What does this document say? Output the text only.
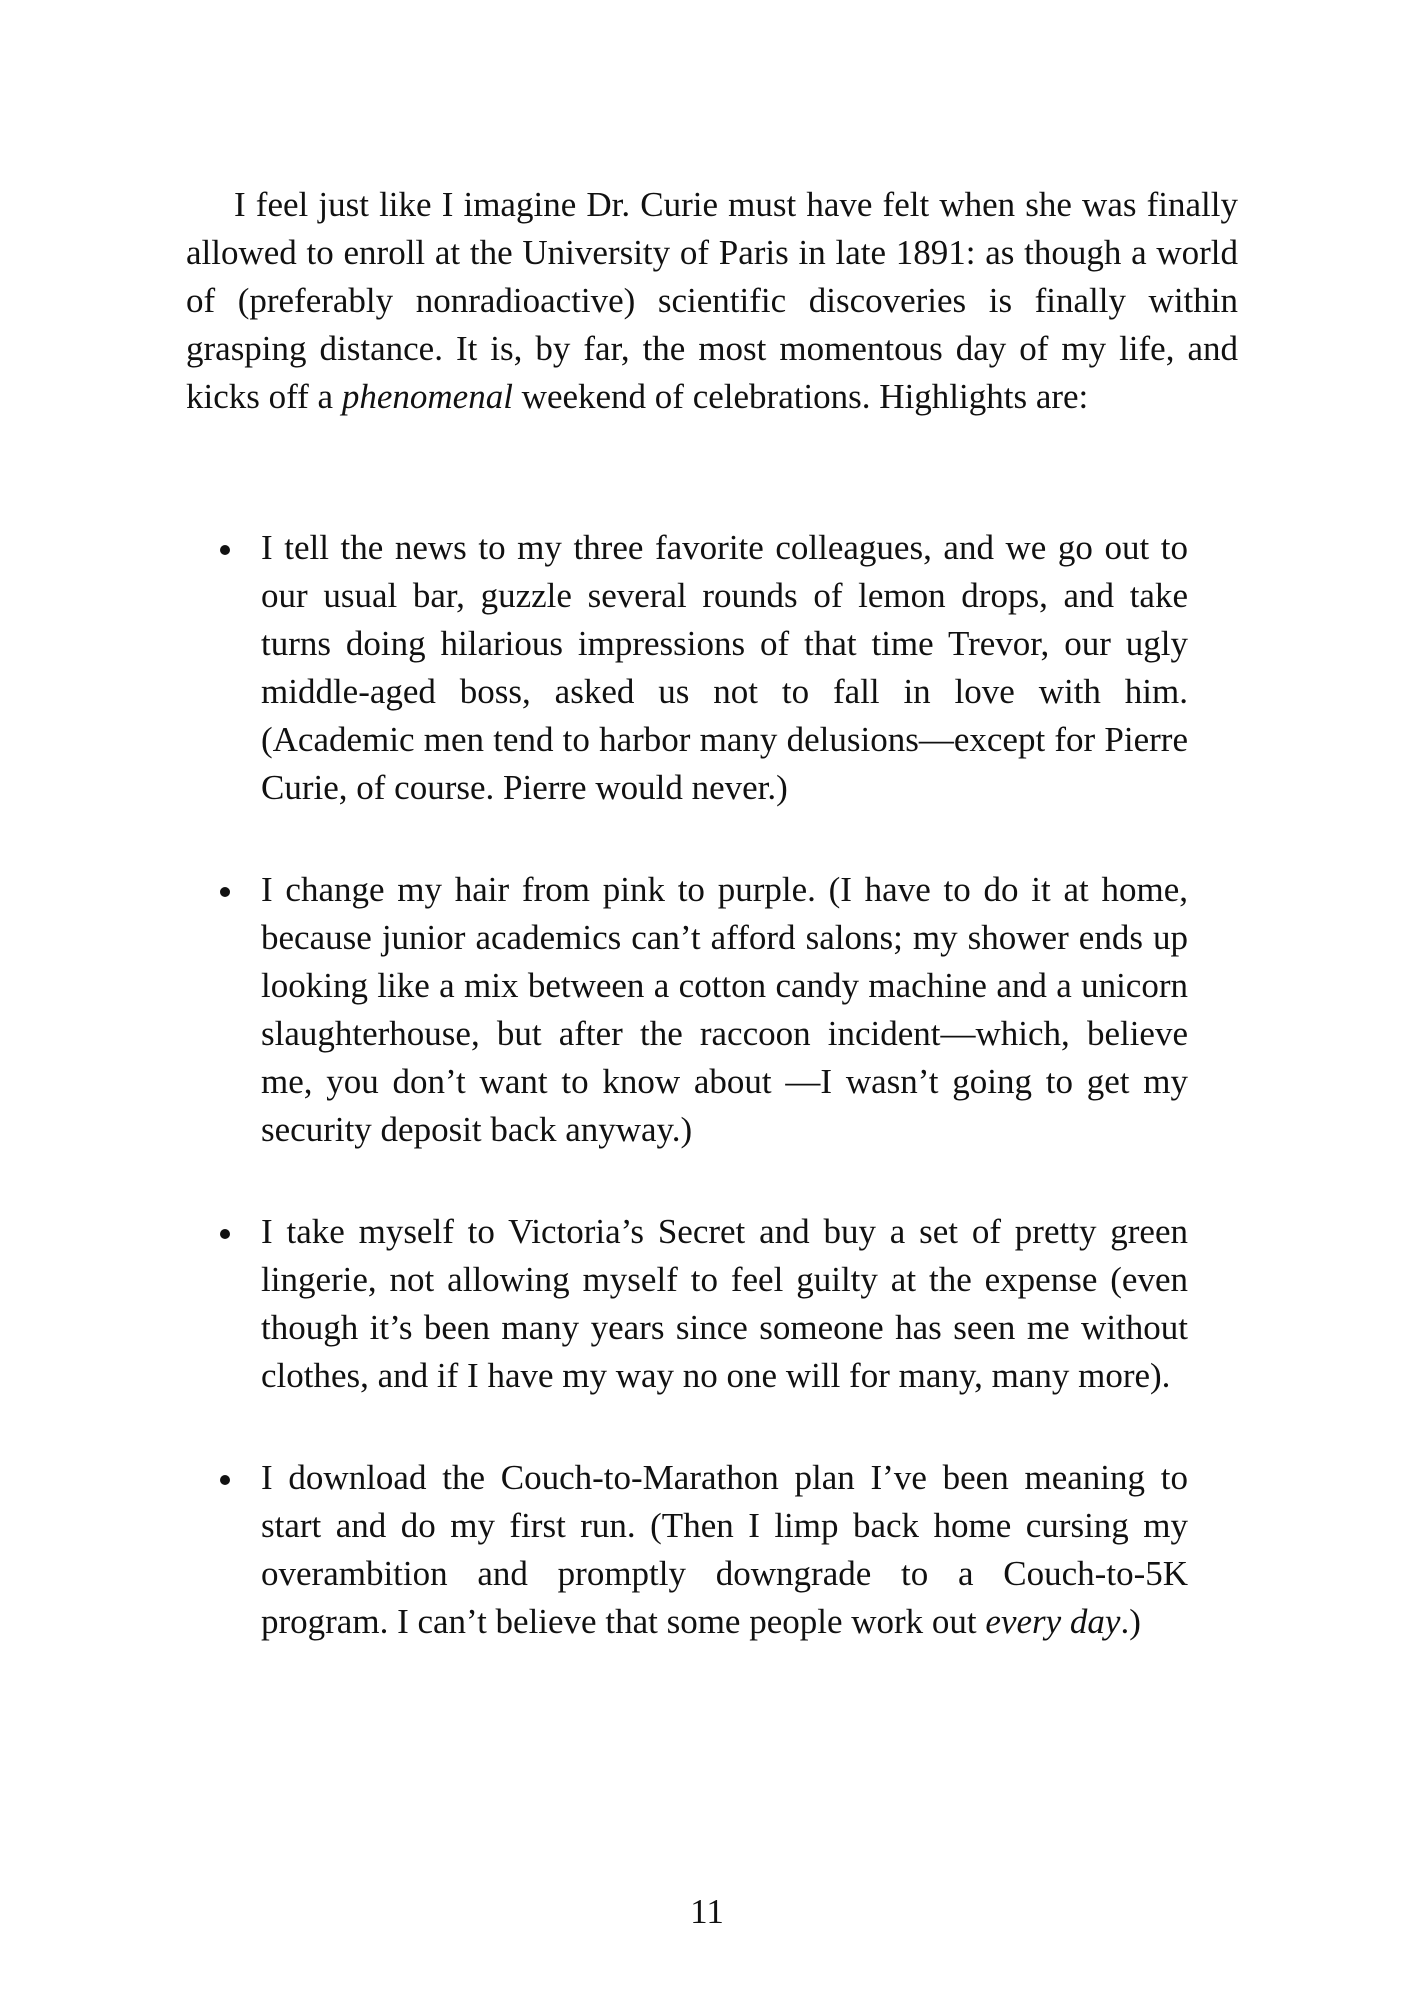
I feel just like I imagine Dr. Curie must have felt when she was finally allowed to enroll at the University of Paris in late 1891: as though a world of (preferably nonradioactive) scientific discoveries is finally within grasping distance. It is, by far, the most momentous day of my life, and kicks off a phenomenal weekend of celebrations. Highlights are:

I tell the news to my three favorite colleagues, and we go out to our usual bar, guzzle several rounds of lemon drops, and take turns doing hilarious impressions of that time Trevor, our ugly middle-aged boss, asked us not to fall in love with him. (Academic men tend to harbor many delusions—except for Pierre Curie, of course. Pierre would never.)
I change my hair from pink to purple. (I have to do it at home, because junior academics can’t afford salons; my shower ends up looking like a mix between a cotton candy machine and a unicorn slaughterhouse, but after the raccoon incident—which, believe me, you don’t want to know about —I wasn’t going to get my security deposit back anyway.)
I take myself to Victoria’s Secret and buy a set of pretty green lingerie, not allowing myself to feel guilty at the expense (even though it’s been many years since someone has seen me without clothes, and if I have my way no one will for many, many more).
I download the Couch-to-Marathon plan I’ve been meaning to start and do my first run. (Then I limp back home cursing my overambition and promptly downgrade to a Couch-to-5K program. I can’t believe that some people work out every day.)
11
